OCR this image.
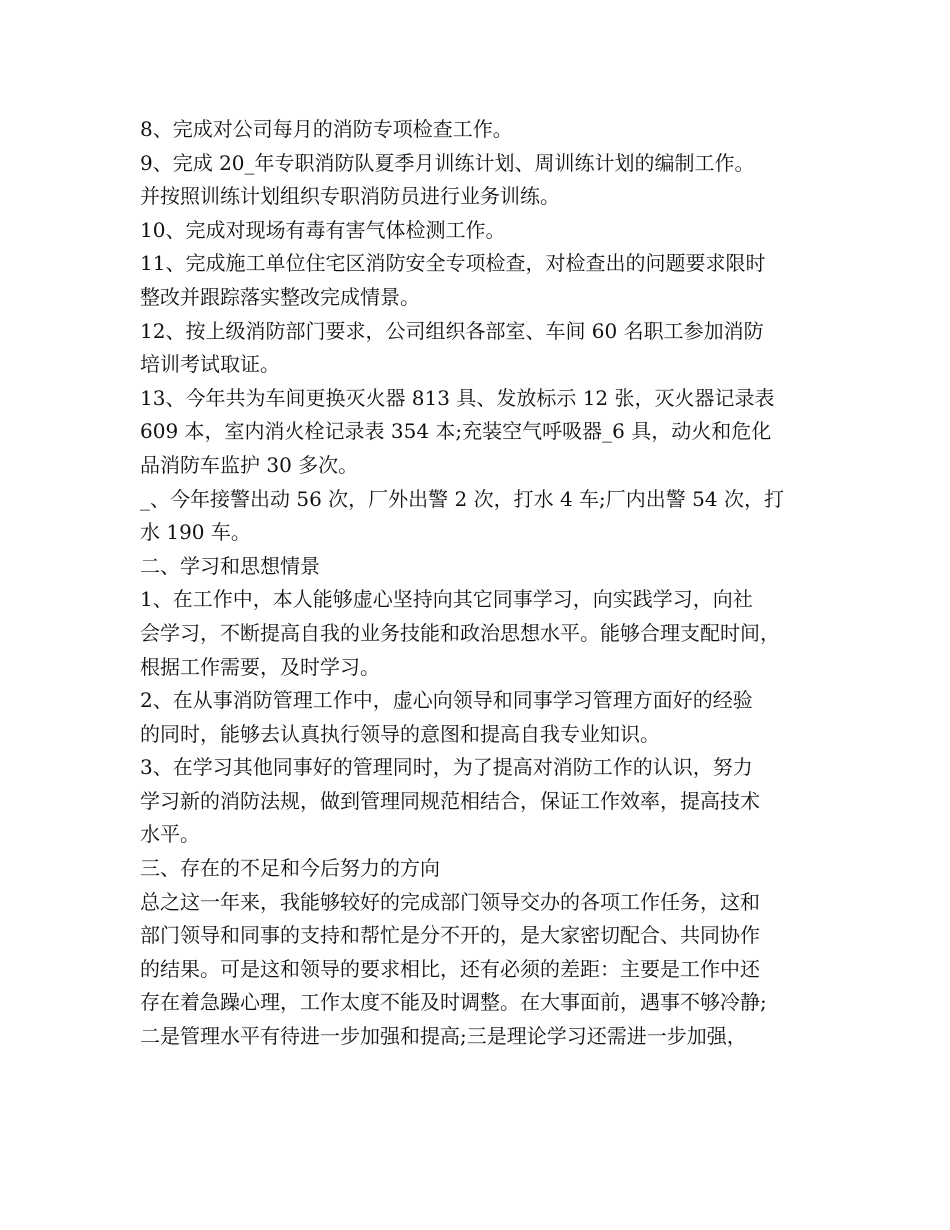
8、完成对公司每月的消防专项检查工作。
9、完成 20_年专职消防队夏季月训练计划、周训练计划的编制工作。
并按照训练计划组织专职消防员进行业务训练。
10、完成对现场有毒有害气体检测工作。
11、完成施工单位住宅区消防安全专项检查，对检查出的问题要求限时
整改并跟踪落实整改完成情景。
12、按上级消防部门要求，公司组织各部室、车间 60 名职工参加消防
培训考试取证。
13、今年共为车间更换灭火器 813 具、发放标示 12 张，灭火器记录表
609 本，室内消火栓记录表 354 本;充装空气呼吸器_6 具，动火和危化
品消防车监护 30 多次。
_、今年接警出动 56 次，厂外出警 2 次，打水 4 车;厂内出警 54 次，打
水 190 车。
二、学习和思想情景
1、在工作中，本人能够虚心坚持向其它同事学习，向实践学习，向社
会学习，不断提高自我的业务技能和政治思想水平。能够合理支配时间，
根据工作需要，及时学习。
2、在从事消防管理工作中，虚心向领导和同事学习管理方面好的经验
的同时，能够去认真执行领导的意图和提高自我专业知识。
3、在学习其他同事好的管理同时，为了提高对消防工作的认识，努力
学习新的消防法规，做到管理同规范相结合，保证工作效率，提高技术
水平。
三、存在的不足和今后努力的方向
总之这一年来，我能够较好的完成部门领导交办的各项工作任务，这和
部门领导和同事的支持和帮忙是分不开的，是大家密切配合、共同协作
的结果。可是这和领导的要求相比，还有必须的差距：主要是工作中还
存在着急躁心理，工作太度不能及时调整。在大事面前，遇事不够冷静;
二是管理水平有待进一步加强和提高;三是理论学习还需进一步加强，
